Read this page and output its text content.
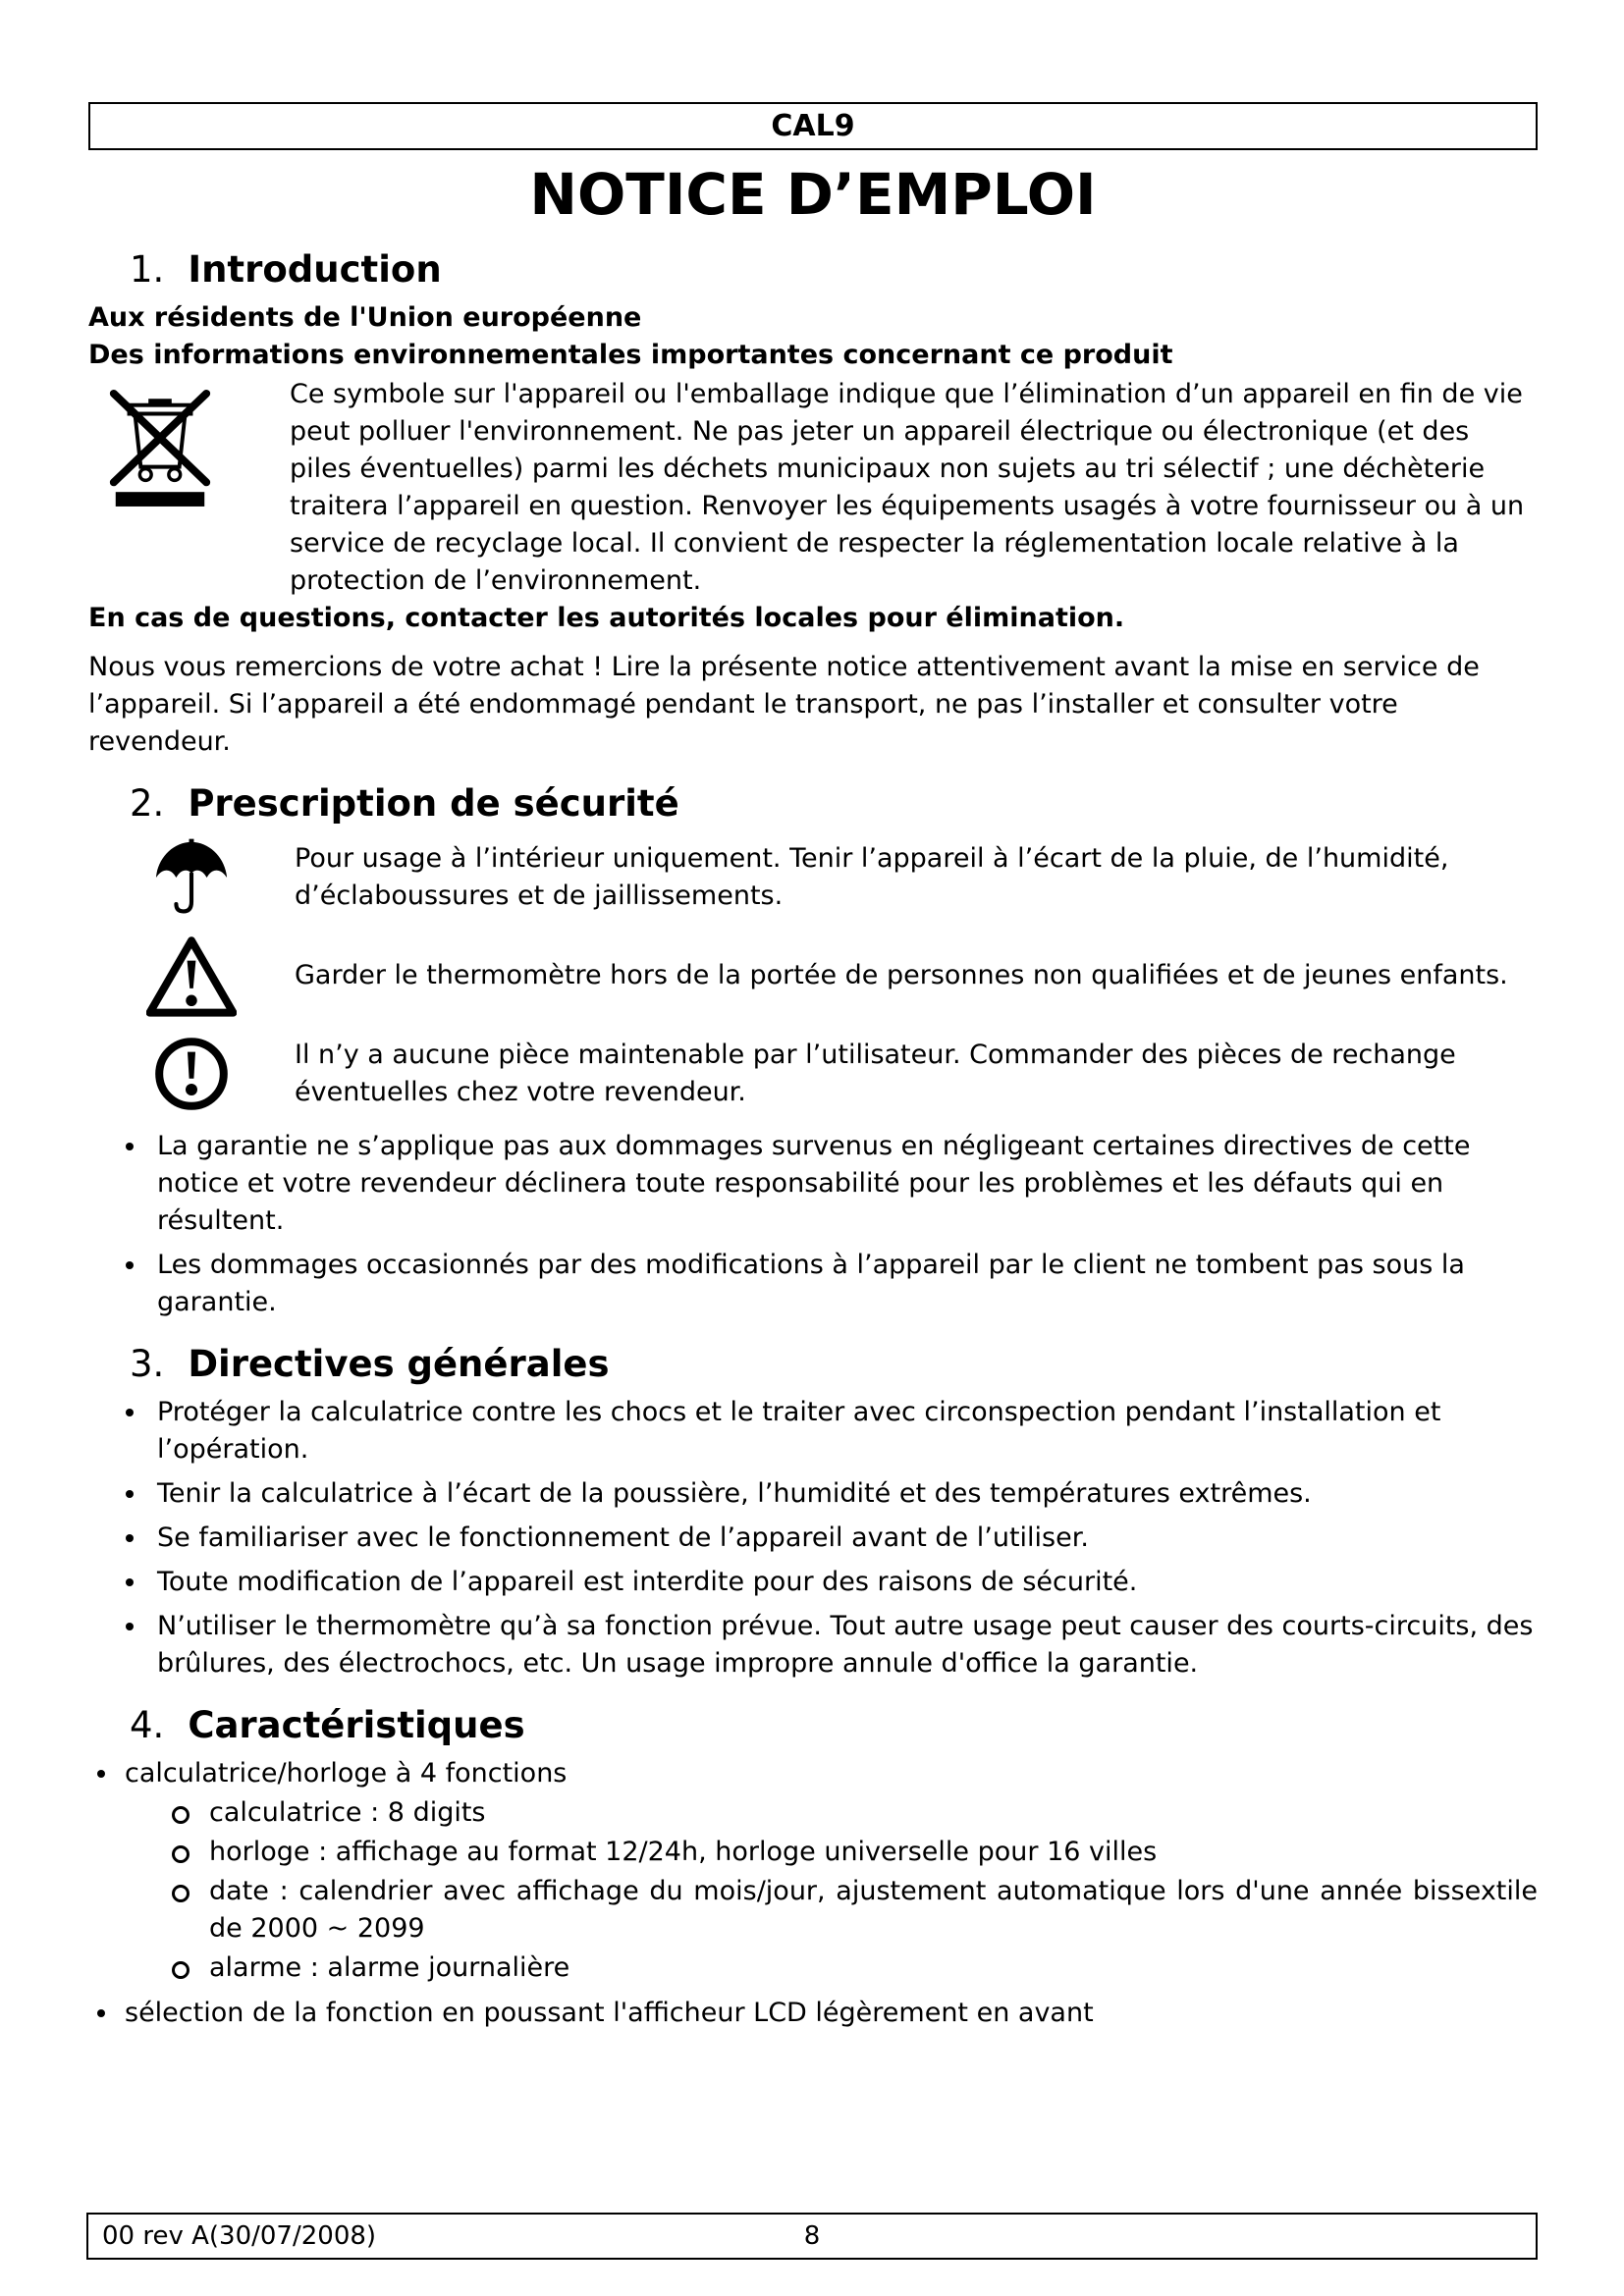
CAL9
NOTICE D’EMPLOI
1. Introduction

Aux résidents de l'Union européenne

Des informations environnementales importantes concernant ce produit

Ce symbole sur l'appareil ou l'emballage indique que l’élimination d’un appareil en fin de vie peut polluer l'environnement. Ne pas jeter un appareil électrique ou électronique (et des piles éventuelles) parmi les déchets municipaux non sujets au tri sélectif ; une déchèterie traitera l’appareil en question. Renvoyer les équipements usagés à votre fournisseur ou à un service de recyclage local. Il convient de respecter la réglementation locale relative à la protection de l’environnement.

En cas de questions, contacter les autorités locales pour élimination.

Nous vous remercions de votre achat ! Lire la présente notice attentivement avant la mise en service de l’appareil. Si l’appareil a été endommagé pendant le transport, ne pas l’installer et consulter votre revendeur.

2. Prescription de sécurité
Pour usage à l’intérieur uniquement. Tenir l’appareil à l’écart de la pluie, de l’humidité, d’éclaboussures et de jaillissements.
Garder le thermomètre hors de la portée de personnes non qualifiées et de jeunes enfants.
Il n’y a aucune pièce maintenable par l’utilisateur. Commander des pièces de rechange éventuelles chez votre revendeur.
La garantie ne s’applique pas aux dommages survenus en négligeant certaines directives de cette notice et votre revendeur déclinera toute responsabilité pour les problèmes et les défauts qui en résultent.
Les dommages occasionnés par des modifications à l’appareil par le client ne tombent pas sous la garantie.
3. Directives générales
Protéger la calculatrice contre les chocs et le traiter avec circonspection pendant l’installation et l’opération.
Tenir la calculatrice à l’écart de la poussière, l’humidité et des températures extrêmes.
Se familiariser avec le fonctionnement de l’appareil avant de l’utiliser.
Toute modification de l’appareil est interdite pour des raisons de sécurité.
N’utiliser le thermomètre qu’à sa fonction prévue. Tout autre usage peut causer des courts-circuits, des brûlures, des électrochocs, etc. Un usage impropre annule d'office la garantie.
4. Caractéristiques
calculatrice/horloge à 4 fonctions
calculatrice : 8 digits
horloge : affichage au format 12/24h, horloge universelle pour 16 villes
date : calendrier avec affichage du mois/jour, ajustement automatique lors d'une année bissextile de 2000 ~ 2099
alarme : alarme journalière
sélection de la fonction en poussant l'afficheur LCD légèrement en avant
00 rev A(30/07/2008)	8
